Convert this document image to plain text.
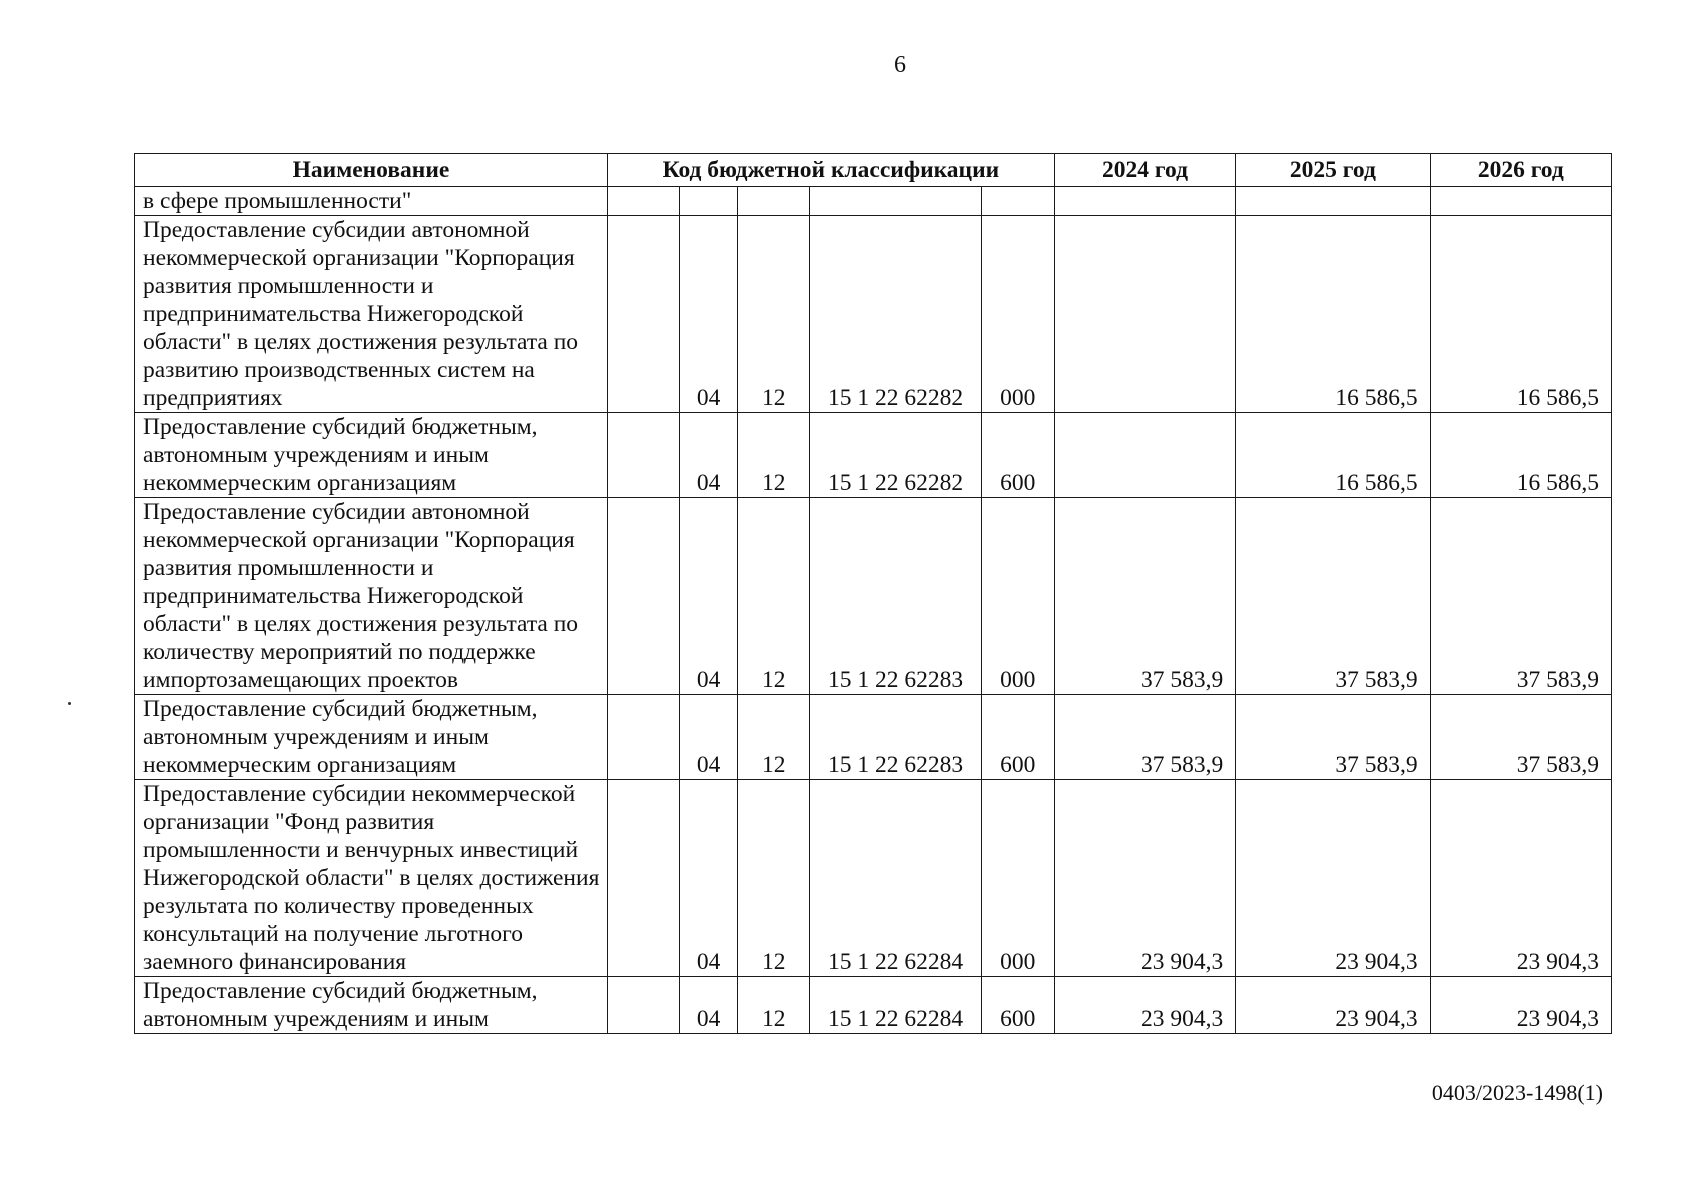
6
Наименование	Код бюджетной классификации					2024 год	2025 год	2026 год
в сфере промышленности"								
Предоставление субсидии автономной некоммерческой организации "Корпорация развития промышленности и предпринимательства Нижегородской области" в целях достижения результата по развитию производственных систем на предприятиях		04	12	15 1 22 62282	000		16 586,5	16 586,5
Предоставление субсидий бюджетным, автономным учреждениям и иным некоммерческим организациям		04	12	15 1 22 62282	600		16 586,5	16 586,5
Предоставление субсидии автономной некоммерческой организации "Корпорация развития промышленности и предпринимательства Нижегородской области" в целях достижения результата по количеству мероприятий по поддержке импортозамещающих проектов		04	12	15 1 22 62283	000	37 583,9	37 583,9	37 583,9
Предоставление субсидий бюджетным, автономным учреждениям и иным некоммерческим организациям		04	12	15 1 22 62283	600	37 583,9	37 583,9	37 583,9
Предоставление субсидии некоммерческой организации "Фонд развития промышленности и венчурных инвестиций Нижегородской области" в целях достижения результата по количеству проведенных консультаций на получение льготного заемного финансирования		04	12	15 1 22 62284	000	23 904,3	23 904,3	23 904,3
Предоставление субсидий бюджетным, автономным учреждениям и иным		04	12	15 1 22 62284	600	23 904,3	23 904,3	23 904,3
0403/2023-1498(1)
